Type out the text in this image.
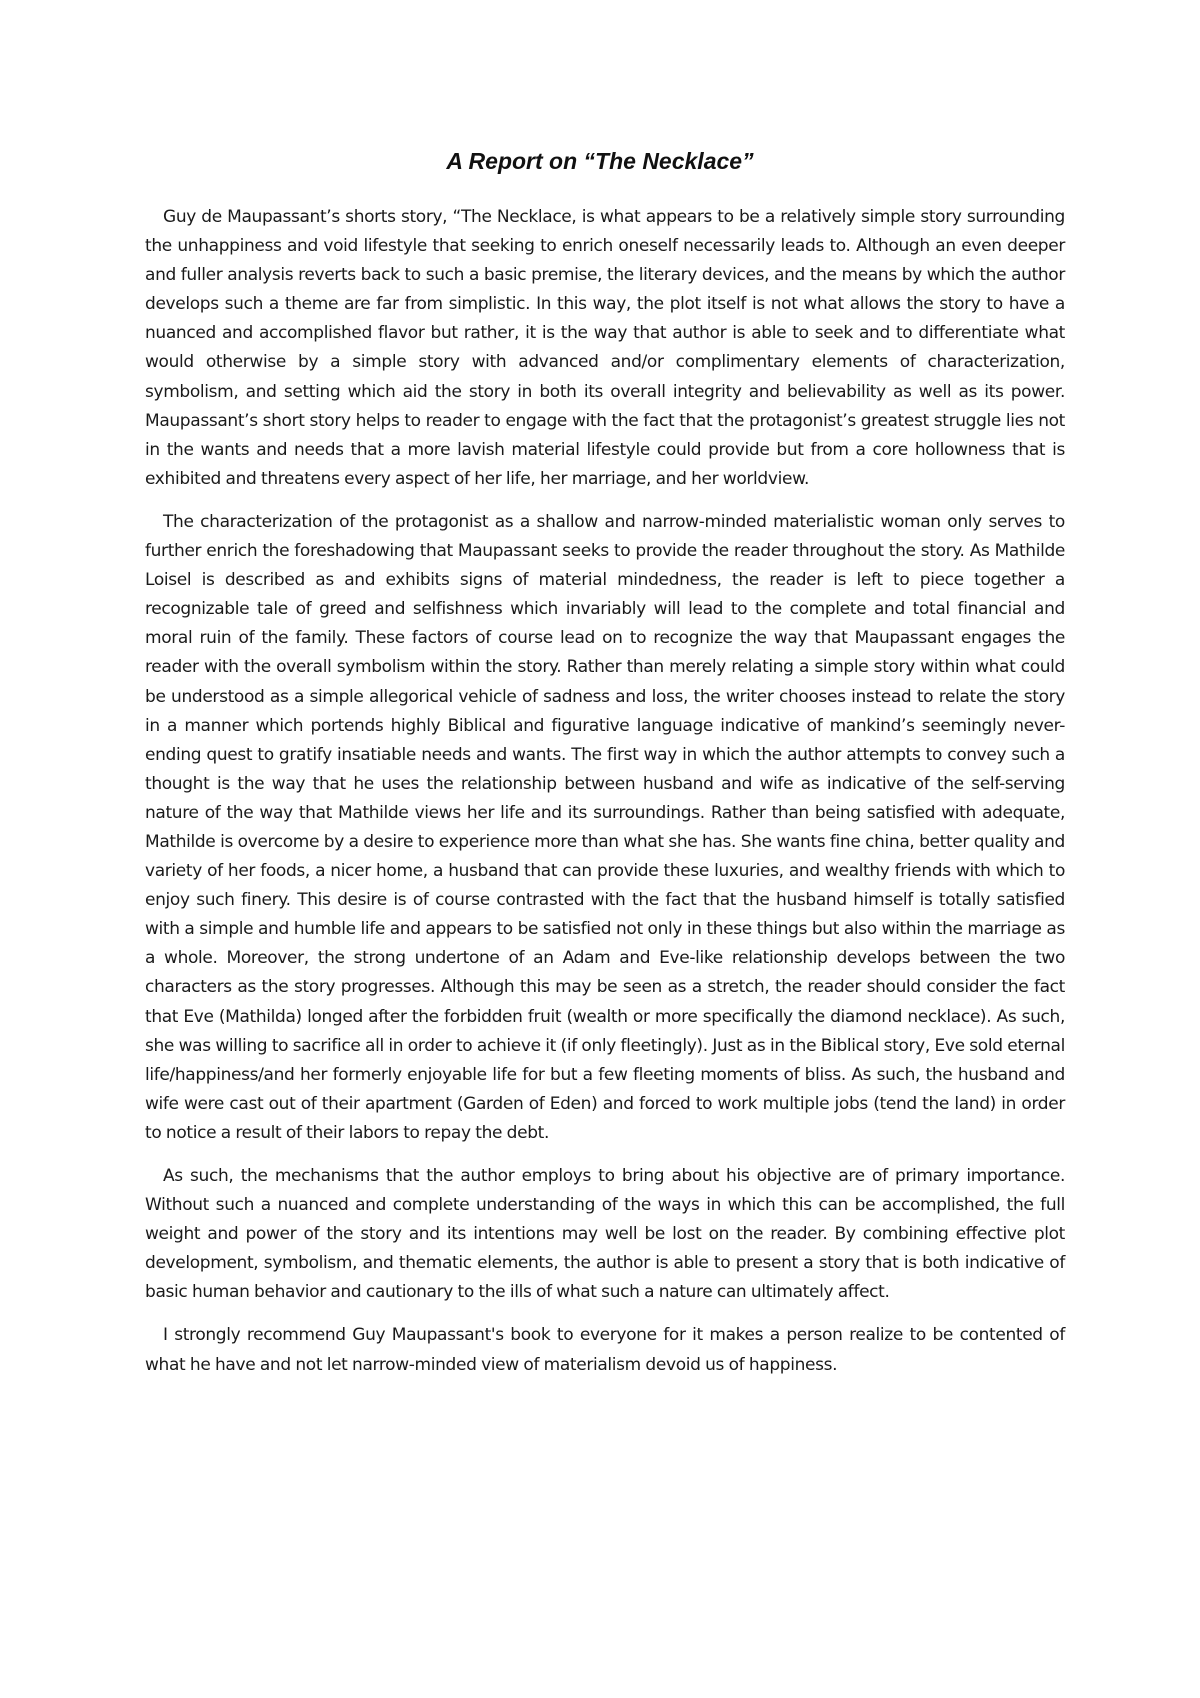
A Report on “The Necklace”

Guy de Maupassant’s shorts story, “The Necklace, is what appears to be a relatively simple story surrounding the unhappiness and void lifestyle that seeking to enrich oneself necessarily leads to. Although an even deeper and fuller analysis reverts back to such a basic premise, the literary devices, and the means by which the author develops such a theme are far from simplistic. In this way, the plot itself is not what allows the story to have a nuanced and accomplished flavor but rather, it is the way that author is able to seek and to differentiate what would otherwise by a simple story with advanced and/or complimentary elements of characterization, symbolism, and setting which aid the story in both its overall integrity and believability as well as its power. Maupassant’s short story helps to reader to engage with the fact that the protagonist’s greatest struggle lies not in the wants and needs that a more lavish material lifestyle could provide but from a core hollowness that is exhibited and threatens every aspect of her life, her marriage, and her worldview.

The characterization of the protagonist as a shallow and narrow-minded materialistic woman only serves to further enrich the foreshadowing that Maupassant seeks to provide the reader throughout the story. As Mathilde Loisel is described as and exhibits signs of material mindedness, the reader is left to piece together a recognizable tale of greed and selfishness which invariably will lead to the complete and total financial and moral ruin of the family. These factors of course lead on to recognize the way that Maupassant engages the reader with the overall symbolism within the story. Rather than merely relating a simple story within what could be understood as a simple allegorical vehicle of sadness and loss, the writer chooses instead to relate the story in a manner which portends highly Biblical and figurative language indicative of mankind’s seemingly never-ending quest to gratify insatiable needs and wants. The first way in which the author attempts to convey such a thought is the way that he uses the relationship between husband and wife as indicative of the self-serving nature of the way that Mathilde views her life and its surroundings. Rather than being satisfied with adequate, Mathilde is overcome by a desire to experience more than what she has. She wants fine china, better quality and variety of her foods, a nicer home, a husband that can provide these luxuries, and wealthy friends with which to enjoy such finery. This desire is of course contrasted with the fact that the husband himself is totally satisfied with a simple and humble life and appears to be satisfied not only in these things but also within the marriage as a whole. Moreover, the strong undertone of an Adam and Eve-like relationship develops between the two characters as the story progresses. Although this may be seen as a stretch, the reader should consider the fact that Eve (Mathilda) longed after the forbidden fruit (wealth or more specifically the diamond necklace). As such, she was willing to sacrifice all in order to achieve it (if only fleetingly). Just as in the Biblical story, Eve sold eternal life/happiness/and her formerly enjoyable life for but a few fleeting moments of bliss. As such, the husband and wife were cast out of their apartment (Garden of Eden) and forced to work multiple jobs (tend the land) in order to notice a result of their labors to repay the debt.

As such, the mechanisms that the author employs to bring about his objective are of primary importance. Without such a nuanced and complete understanding of the ways in which this can be accomplished, the full weight and power of the story and its intentions may well be lost on the reader. By combining effective plot development, symbolism, and thematic elements, the author is able to present a story that is both indicative of basic human behavior and cautionary to the ills of what such a nature can ultimately affect.

I strongly recommend Guy Maupassant's book to everyone for it makes a person realize to be contented of what he have and not let narrow-minded view of materialism devoid us of happiness.
